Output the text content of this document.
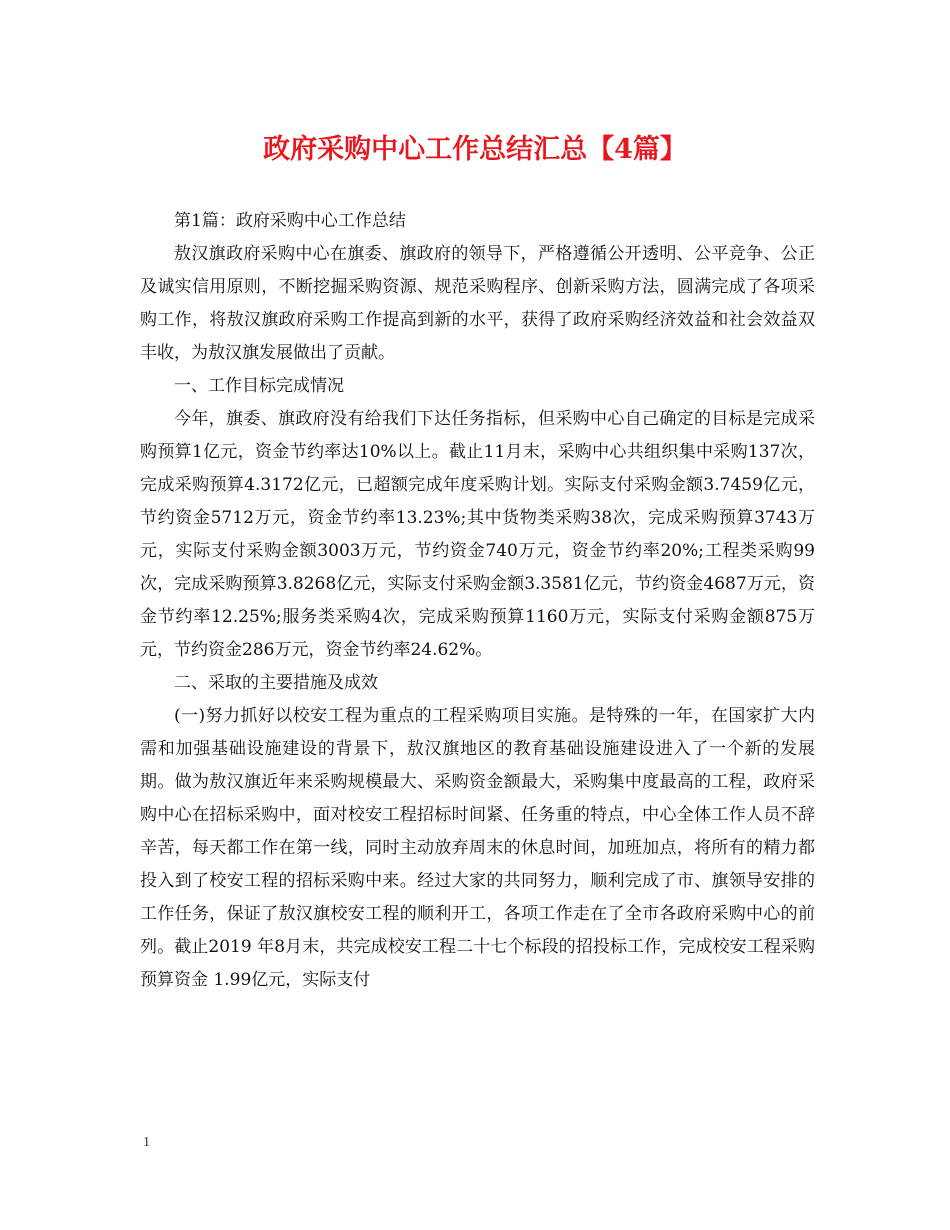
政府采购中心工作总结汇总【4篇】

第1篇：政府采购中心工作总结

敖汉旗政府采购中心在旗委、旗政府的领导下，严格遵循公开透明、公平竞争、公正及诚实信用原则，不断挖掘采购资源、规范采购程序、创新采购方法，圆满完成了各项采购工作，将敖汉旗政府采购工作提高到新的水平，获得了政府采购经济效益和社会效益双丰收，为敖汉旗发展做出了贡献。

一、工作目标完成情况

今年，旗委、旗政府没有给我们下达任务指标，但采购中心自己确定的目标是完成采购预算1亿元，资金节约率达10%以上。截止11月末，采购中心共组织集中采购137次，完成采购预算4.3172亿元，已超额完成年度采购计划。实际支付采购金额3.7459亿元，节约资金5712万元，资金节约率13.23%;其中货物类采购38次，完成采购预算3743万元，实际支付采购金额3003万元，节约资金740万元，资金节约率20%;工程类采购99次，完成采购预算3.8268亿元，实际支付采购金额3.3581亿元，节约资金4687万元，资金节约率12.25%;服务类采购4次，完成采购预算1160万元，实际支付采购金额875万元，节约资金286万元，资金节约率24.62%。

二、采取的主要措施及成效

(一)努力抓好以校安工程为重点的工程采购项目实施。是特殊的一年，在国家扩大内需和加强基础设施建设的背景下，敖汉旗地区的教育基础设施建设进入了一个新的发展期。做为敖汉旗近年来采购规模最大、采购资金额最大，采购集中度最高的工程，政府采购中心在招标采购中，面对校安工程招标时间紧、任务重的特点，中心全体工作人员不辞辛苦，每天都工作在第一线，同时主动放弃周末的休息时间，加班加点，将所有的精力都投入到了校安工程的招标采购中来。经过大家的共同努力，顺利完成了市、旗领导安排的工作任务，保证了敖汉旗校安工程的顺利开工，各项工作走在了全市各政府采购中心的前列。截止2019 年8月末，共完成校安工程二十七个标段的招投标工作，完成校安工程采购预算资金 1.99亿元，实际支付

1
